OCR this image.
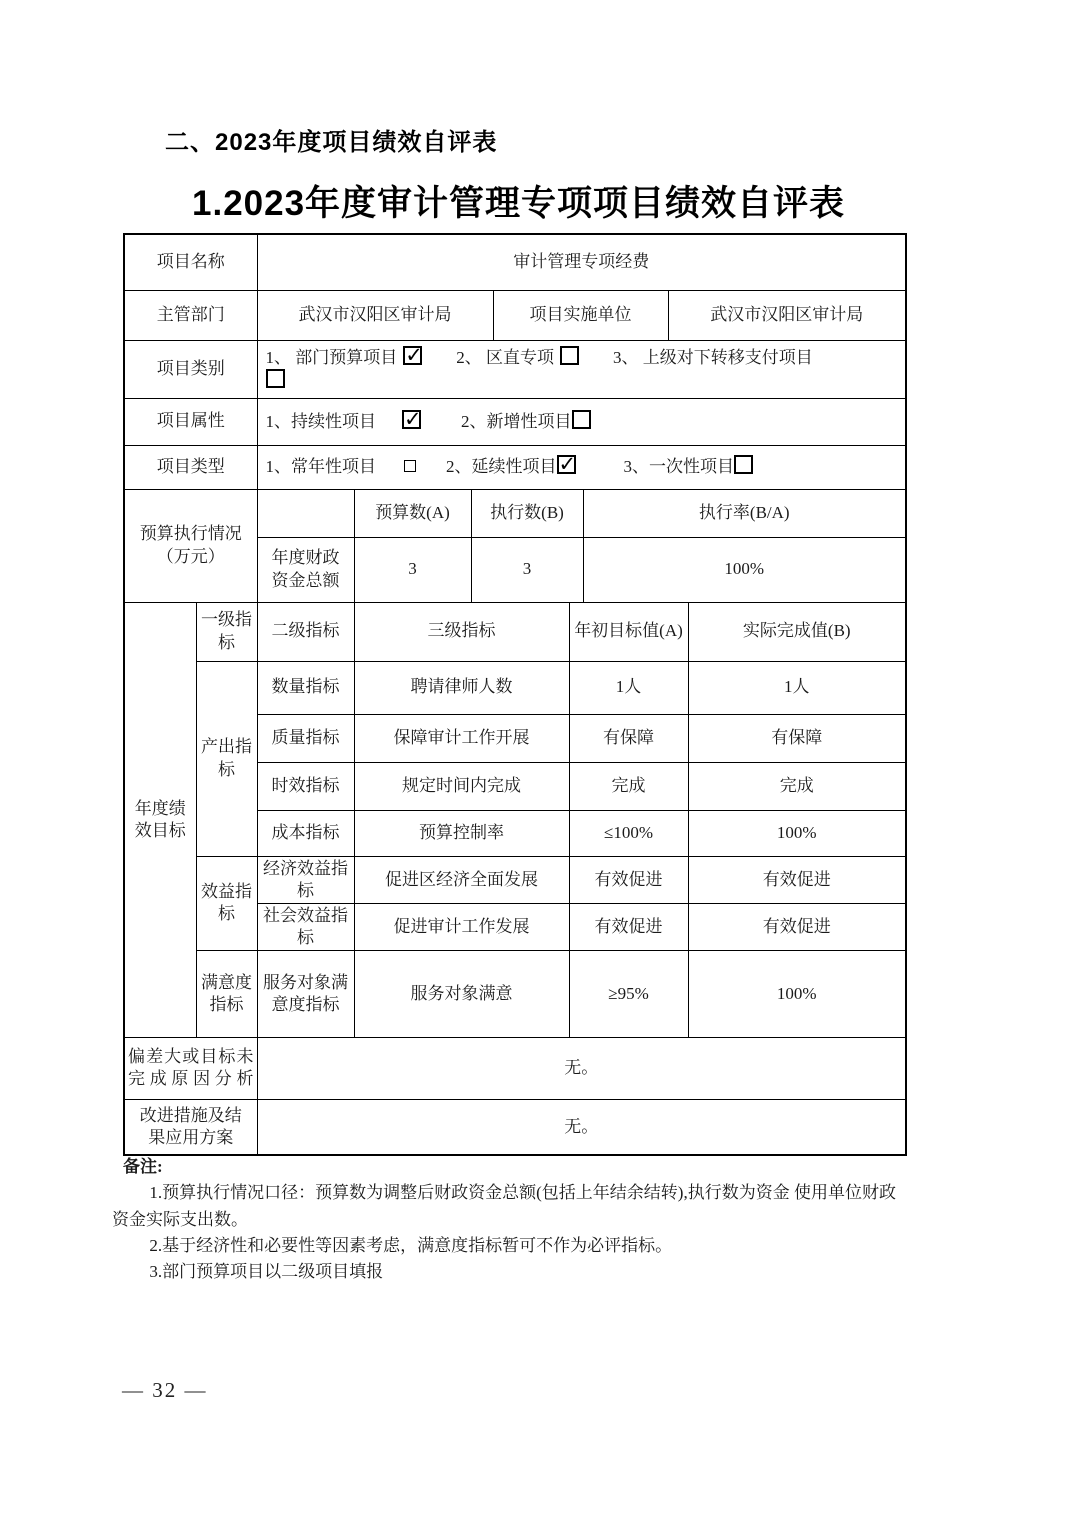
二、2023年度项目绩效自评表
1.2023年度审计管理专项项目绩效自评表
项目名称		审计管理专项经费							
主管部门		武汉市汉阳区审计局			项目实施单位			武汉市汉阳区审计局	
项目类别		1、 部门预算项目 ✓ 2、 区直专项 3、 上级对下转移支付项目

项目属性		1、持续性项目 ✓ 2、新增性项目
项目类型		1、常年性项目 2、延续性项目 ✓ 3、一次性项目
预算执行情况（万元）			预算数(A)	执行数(B)			执行率(B/A)		
		年度财政资金总额	3	3			100%		
年度绩效目标	一级指标	二级指标	三级指标			年初目标值(A)			实际完成值(B)
	产出指标	数量指标	聘请律师人数			1人			1人
		质量指标	保障审计工作开展			有保障			有保障
		时效指标	规定时间内完成			完成			完成
		成本指标	预算控制率			≤100%			100%
	效益指标	经济效益指标	促进区经济全面发展			有效促进			有效促进
		社会效益指标	促进审计工作发展			有效促进			有效促进
	满意度指标	服务对象满意度指标	服务对象满意			≥95%			100%
偏差大或目标未完成原因分析		无。							
改进措施及结果应用方案		无。							
备注:

1.预算执行情况口径：预算数为调整后财政资金总额(包括上年结余结转),执行数为资金 使用单位财政资金实际支出数。

2.基于经济性和必要性等因素考虑，满意度指标暂可不作为必评指标。

3.部门预算项目以二级项目填报

— 32 —
